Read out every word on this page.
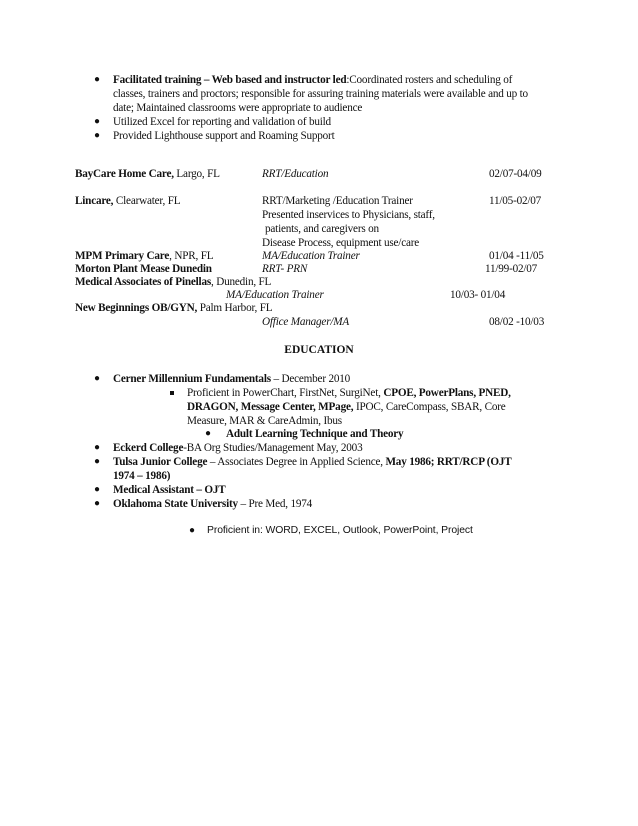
● Facilitated training – Web based and instructor led:Coordinated rosters and scheduling of
classes, trainers and proctors; responsible for assuring training materials were available and up to
date; Maintained classrooms were appropriate to audience
● Utilized Excel for reporting and validation of build
● Provided Lighthouse support and Roaming Support
BayCare Home Care, Largo, FL	RRT/Education	02/07-04/09
Lincare, Clearwater, FL	RRT/Marketing /Education Trainer	11/05-02/07
Presented inservices to Physicians, staff,
patients, and caregivers on
Disease Process, equipment use/care
MPM Primary Care, NPR, FL	MA/Education Trainer	01/04 -11/05
Morton Plant Mease Dunedin	RRT- PRN	11/99-02/07
Medical Associates of Pinellas, Dunedin, FL
MA/Education Trainer	10/03- 01/04
New Beginnings OB/GYN, Palm Harbor, FL
Office Manager/MA	08/02 -10/03
EDUCATION
● Cerner Millennium Fundamentals – December 2010
Proficient in PowerChart, FirstNet, SurgiNet, CPOE, PowerPlans, PNED,
DRAGON, Message Center, MPage, IPOC, CareCompass, SBAR, Core
Measure, MAR & CareAdmin, Ibus
● Adult Learning Technique and Theory
● Eckerd College-BA Org Studies/Management May, 2003
● Tulsa Junior College – Associates Degree in Applied Science, May 1986; RRT/RCP (OJT
1974 – 1986)
● Medical Assistant – OJT
● Oklahoma State University – Pre Med, 1974
● Proficient in: WORD, EXCEL, Outlook, PowerPoint, Project
